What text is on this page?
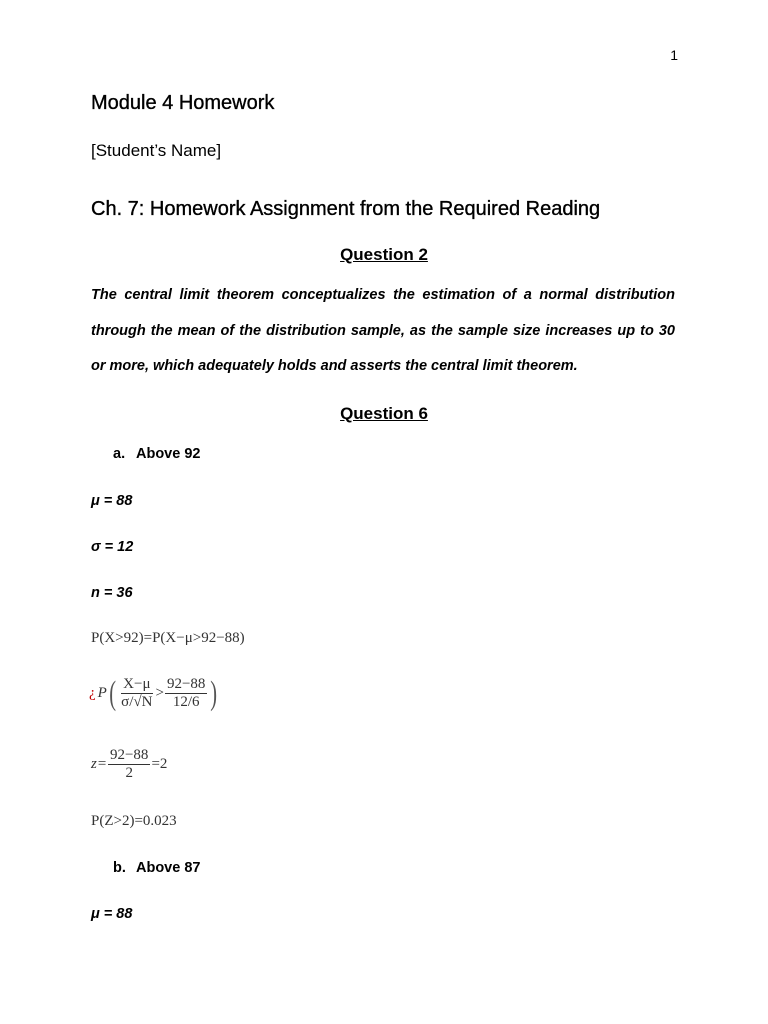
1
Module 4 Homework
[Student’s Name]
Ch. 7: Homework Assignment from the Required Reading
Question 2
The central limit theorem conceptualizes the estimation of a normal distribution through the mean of the distribution sample, as the sample size increases up to 30 or more, which adequately holds and asserts the central limit theorem.
Question 6
a. Above 92
μ = 88
σ = 12
n = 36
P(X>92)=P(X−μ>92−88)
¿ P ( $\frac{X-\mu}{\sigma/√N} > \frac{92-88}{12/6}$ )
$z= \frac{92-88}{2} =2$
P(Z>2)=0.023
b. Above 87
μ = 88
